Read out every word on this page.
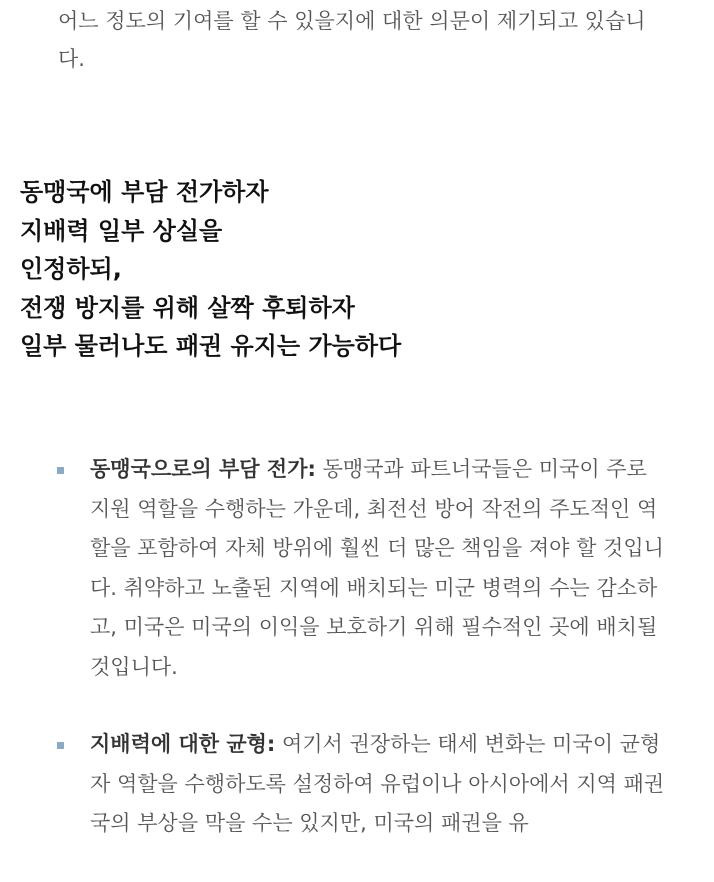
어느 정도의 기여를 할 수 있을지에 대한 의문이 제기되고 있습니다.

동맹국에 부담 전가하자
지배력 일부 상실을
인정하되,
전쟁 방지를 위해 살짝 후퇴하자
일부 물러나도 패권 유지는 가능하다
동맹국으로의 부담 전가: 동맹국과 파트너국들은 미국이 주로 지원 역할을 수행하는 가운데, 최전선 방어 작전의 주도적인 역할을 포함하여 자체 방위에 훨씬 더 많은 책임을 져야 할 것입니다. 취약하고 노출된 지역에 배치되는 미군 병력의 수는 감소하고, 미국은 미국의 이익을 보호하기 위해 필수적인 곳에 배치될 것입니다.
지배력에 대한 균형: 여기서 권장하는 태세 변화는 미국이 균형자 역할을 수행하도록 설정하여 유럽이나 아시아에서 지역 패권국의 부상을 막을 수는 있지만, 미국의 패권을 유
